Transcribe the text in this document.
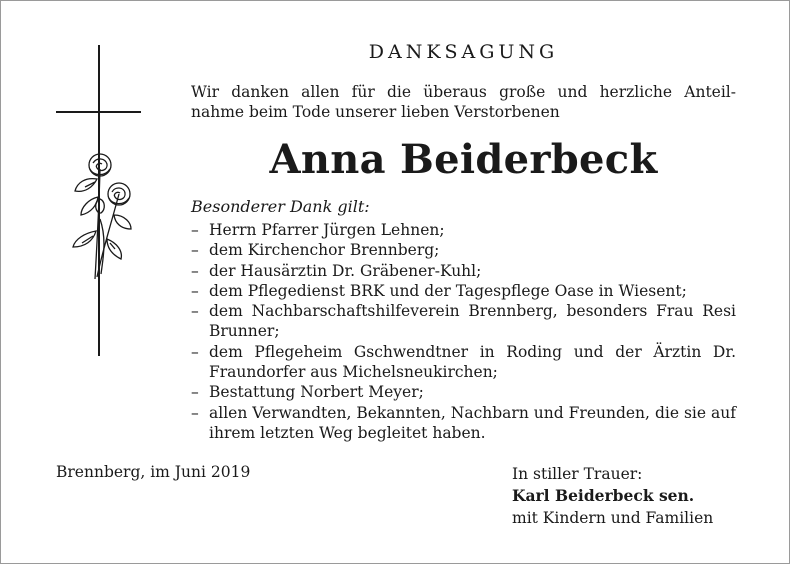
DANKSAGUNG

Wir danken allen für die überaus große und herzliche Anteil-
nahme beim Tode unserer lieben Verstorbenen

Anna Beiderbeck

Besonderer Dank gilt:

– Herrn Pfarrer Jürgen Lehnen;
– dem Kirchenchor Brennberg;
– der Hausärztin Dr. Gräbener-Kuhl;
– dem Pflegedienst BRK und der Tagespflege Oase in Wiesent;
– dem Nachbarschaftshilfeverein Brennberg, besonders Frau Resi Brunner;
– dem Pflegeheim Gschwendtner in Roding und der Ärztin Dr. Fraundorfer aus Michelsneukirchen;
– Bestattung Norbert Meyer;
– allen Verwandten, Bekannten, Nachbarn und Freunden, die sie auf ihrem letzten Weg begleitet haben.

Brennberg, im Juni 2019	In stiller Trauer:
Karl Beiderbeck sen.
mit Kindern und Familien
